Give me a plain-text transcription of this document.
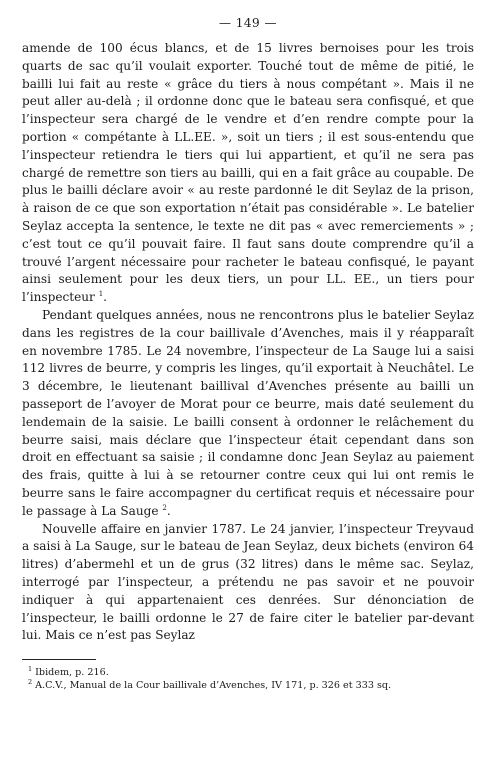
— 149 —

amende de 100 écus blancs, et de 15 livres bernoises pour les trois quarts de sac qu’il voulait exporter. Touché tout de même de pitié, le bailli lui fait au reste « grâce du tiers à nous compétant ». Mais il ne peut aller au-delà ; il ordonne donc que le bateau sera confisqué, et que l’inspecteur sera chargé de le vendre et d’en rendre compte pour la portion « compétante à LL.EE. », soit un tiers ; il est sous-entendu que l’inspecteur retiendra le tiers qui lui appartient, et qu’il ne sera pas chargé de remettre son tiers au bailli, qui en a fait grâce au coupable. De plus le bailli déclare avoir « au reste pardonné le dit Seylaz de la prison, à raison de ce que son exportation n’était pas considérable ». Le batelier Seylaz accepta la sentence, le texte ne dit pas « avec remerciements » ; c’est tout ce qu’il pouvait faire. Il faut sans doute comprendre qu’il a trouvé l’argent nécessaire pour racheter le bateau confisqué, le payant ainsi seulement pour les deux tiers, un pour LL. EE., un tiers pour l’inspecteur $^1$.

Pendant quelques années, nous ne rencontrons plus le batelier Seylaz dans les registres de la cour baillivale d’Avenches, mais il y réapparaît en novembre 1785. Le 24 novembre, l’inspecteur de La Sauge lui a saisi 112 livres de beurre, y compris les linges, qu’il exportait à Neuchâtel. Le 3 décembre, le lieutenant baillival d’Avenches présente au bailli un passeport de l’avoyer de Morat pour ce beurre, mais daté seulement du lendemain de la saisie. Le bailli consent à ordonner le relâchement du beurre saisi, mais déclare que l’inspecteur était cependant dans son droit en effectuant sa saisie ; il condamne donc Jean Seylaz au paiement des frais, quitte à lui à se retourner contre ceux qui lui ont remis le beurre sans le faire accompagner du certificat requis et nécessaire pour le passage à La Sauge $^2$.

Nouvelle affaire en janvier 1787. Le 24 janvier, l’inspecteur Treyvaud a saisi à La Sauge, sur le bateau de Jean Seylaz, deux bichets (environ 64 litres) d’abermehl et un de grus (32 litres) dans le même sac. Seylaz, interrogé par l’inspecteur, a prétendu ne pas savoir et ne pouvoir indiquer à qui appartenaient ces denrées. Sur dénonciation de l’inspecteur, le bailli ordonne le 27 de faire citer le batelier par-devant lui. Mais ce n’est pas Seylaz

$^1$ Ibidem, p. 216.

$^2$ A.C.V., Manual de la Cour baillivale d’Avenches, IV 171, p. 326 et 333 sq.
